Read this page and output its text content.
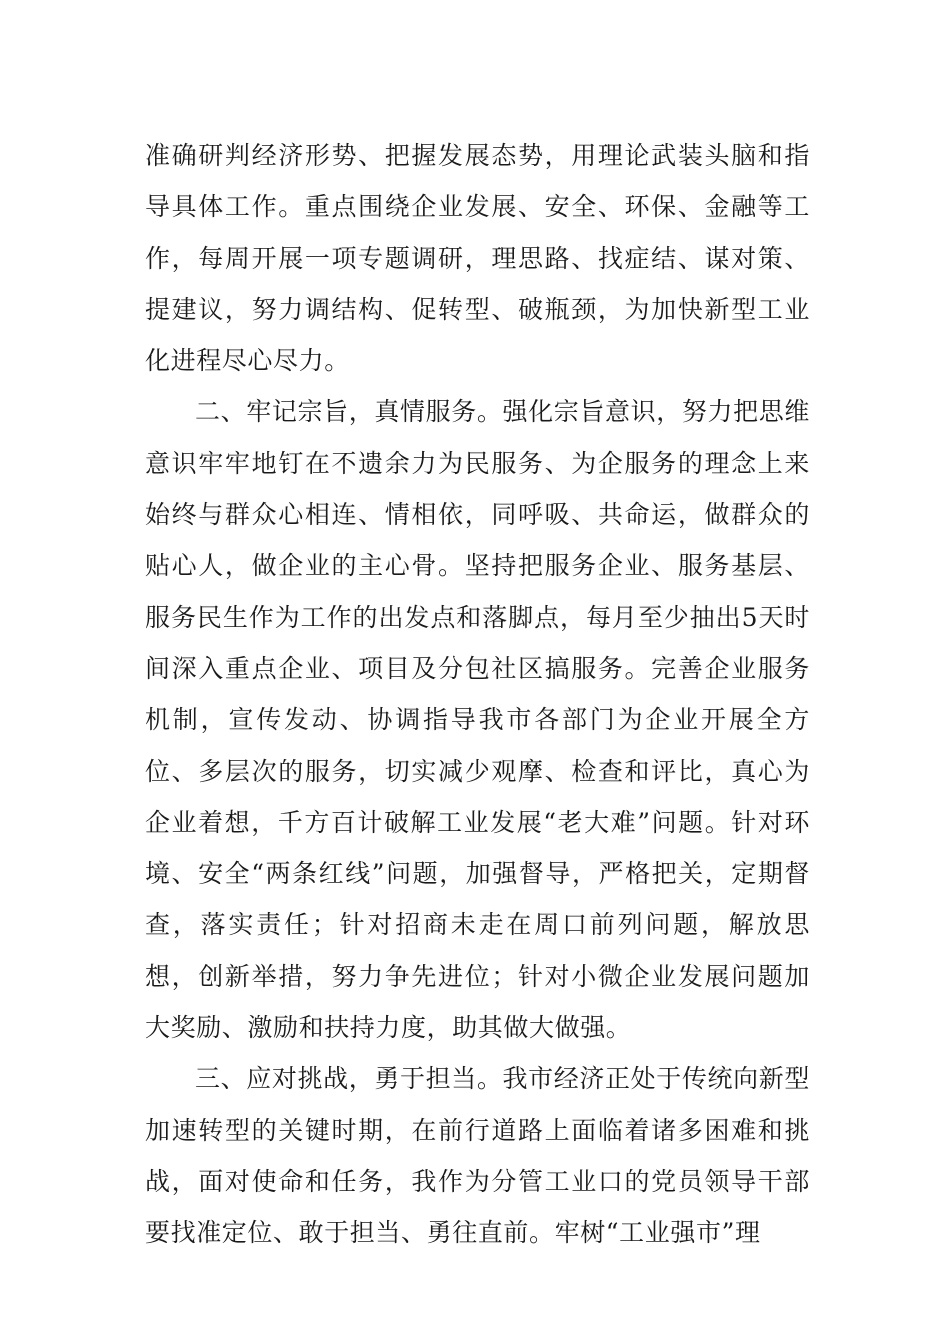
准确研判经济形势、把握发展态势，用理论武装头脑和指导具体工作。重点围绕企业发展、安全、环保、金融等工作，每周开展一项专题调研，理思路、找症结、谋对策、提建议，努力调结构、促转型、破瓶颈，为加快新型工业化进程尽心尽力。

二、牢记宗旨，真情服务。强化宗旨意识，努力把思维意识牢牢地钉在不遗余力为民服务、为企服务的理念上来始终与群众心相连、情相依，同呼吸、共命运，做群众的贴心人，做企业的主心骨。坚持把服务企业、服务基层、服务民生作为工作的出发点和落脚点，每月至少抽出5天时间深入重点企业、项目及分包社区搞服务。完善企业服务机制，宣传发动、协调指导我市各部门为企业开展全方位、多层次的服务，切实减少观摩、检查和评比，真心为企业着想，千方百计破解工业发展“老大难”问题。针对环境、安全“两条红线”问题，加强督导，严格把关，定期督查，落实责任；针对招商未走在周口前列问题，解放思想，创新举措，努力争先进位；针对小微企业发展问题加大奖励、激励和扶持力度，助其做大做强。

三、应对挑战，勇于担当。我市经济正处于传统向新型加速转型的关键时期，在前行道路上面临着诸多困难和挑战，面对使命和任务，我作为分管工业口的党员领导干部要找准定位、敢于担当、勇往直前。牢树“工业强市”理
